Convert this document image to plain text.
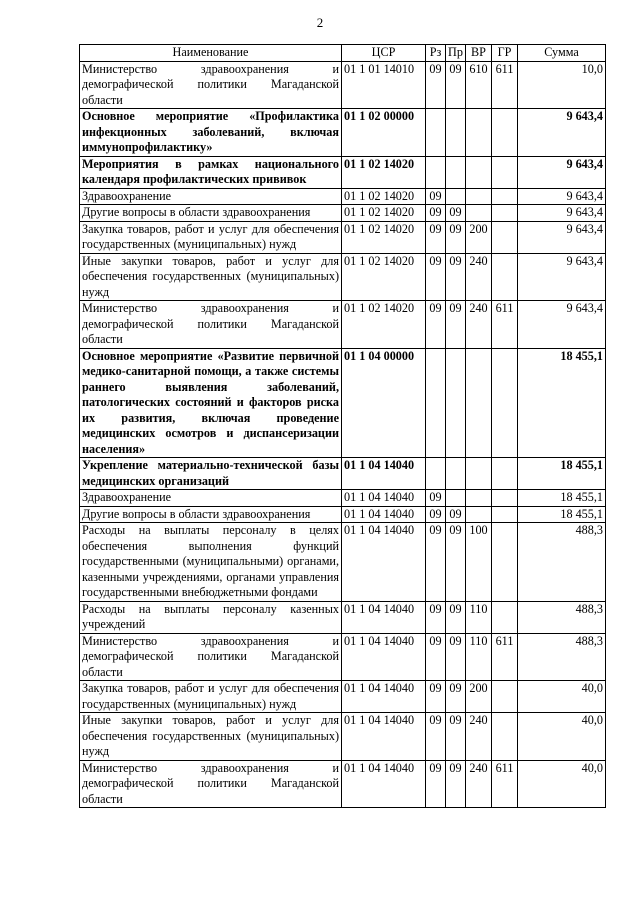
2
Наименование	ЦСР	Рз	Пр	ВР	ГР	Сумма
Министерство здравоохранения и демографической политики Магаданской области	01 1 01 14010	09	09	610	611	10,0
Основное мероприятие «Профилактика инфекционных заболеваний, включая иммунопрофилактику»	01 1 02 00000					9 643,4
Мероприятия в рамках национального календаря профилактических прививок	01 1 02 14020					9 643,4
Здравоохранение	01 1 02 14020	09				9 643,4
Другие вопросы в области здравоохранения	01 1 02 14020	09	09			9 643,4
Закупка товаров, работ и услуг для обеспечения государственных (муниципальных) нужд	01 1 02 14020	09	09	200		9 643,4
Иные закупки товаров, работ и услуг для обеспечения государственных (муниципальных) нужд	01 1 02 14020	09	09	240		9 643,4
Министерство здравоохранения и демографической политики Магаданской области	01 1 02 14020	09	09	240	611	9 643,4
Основное мероприятие «Развитие первичной медико-санитарной помощи, а также системы раннего выявления заболеваний, патологических состояний и факторов риска их развития, включая проведение медицинских осмотров и диспансеризации населения»	01 1 04 00000					18 455,1
Укрепление материально-технической базы медицинских организаций	01 1 04 14040					18 455,1
Здравоохранение	01 1 04 14040	09				18 455,1
Другие вопросы в области здравоохранения	01 1 04 14040	09	09			18 455,1
Расходы на выплаты персоналу в целях обеспечения выполнения функций государственными (муниципальными) органами, казенными учреждениями, органами управления государственными внебюджетными фондами	01 1 04 14040	09	09	100		488,3
Расходы на выплаты персоналу казенных учреждений	01 1 04 14040	09	09	110		488,3
Министерство здравоохранения и демографической политики Магаданской области	01 1 04 14040	09	09	110	611	488,3
Закупка товаров, работ и услуг для обеспечения государственных (муниципальных) нужд	01 1 04 14040	09	09	200		40,0
Иные закупки товаров, работ и услуг для обеспечения государственных (муниципальных) нужд	01 1 04 14040	09	09	240		40,0
Министерство здравоохранения и демографической политики Магаданской области	01 1 04 14040	09	09	240	611	40,0
